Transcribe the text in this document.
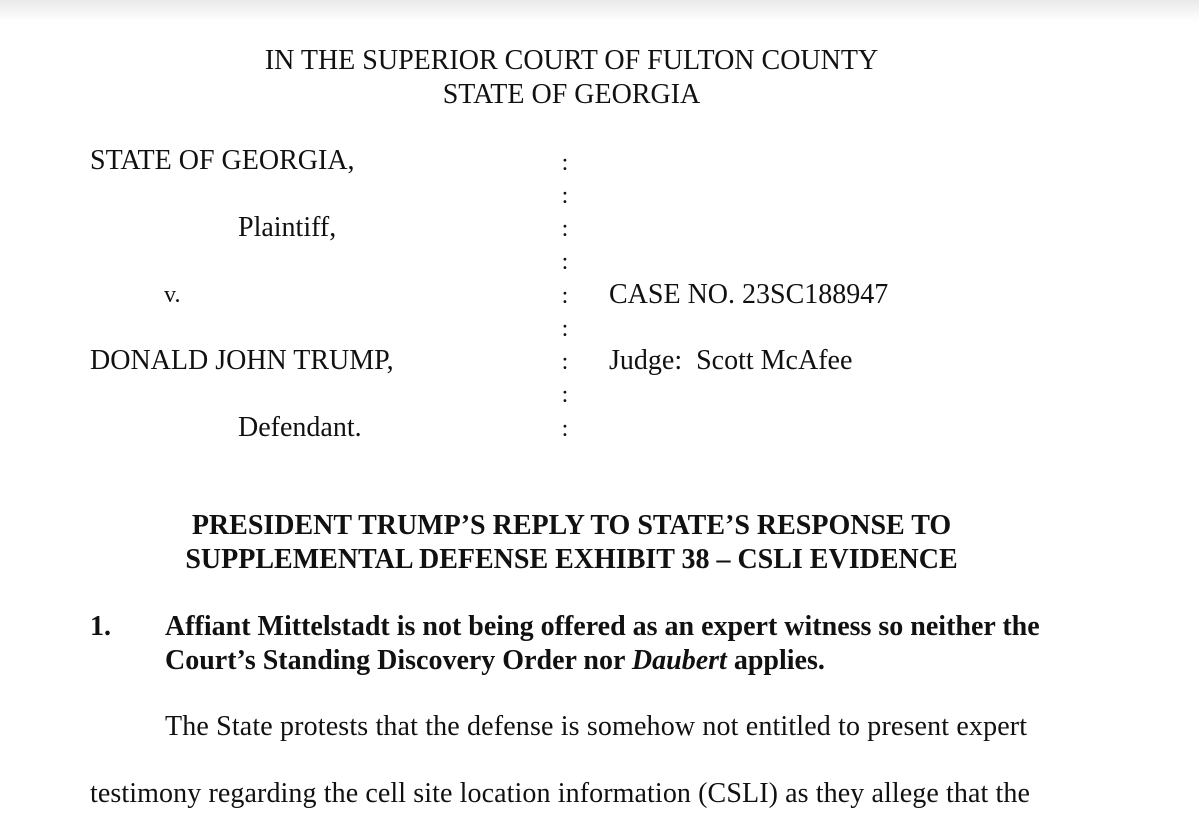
IN THE SUPERIOR COURT OF FULTON COUNTY
STATE OF GEORGIA
STATE OF GEORGIA,
Plaintiff,
v.
DONALD JOHN TRUMP,
Defendant.
:
:
:
:
:
:
:
:
:
CASE NO. 23SC188947
Judge:  Scott McAfee
PRESIDENT TRUMP’S REPLY TO STATE’S RESPONSE TO
SUPPLEMENTAL DEFENSE EXHIBIT 38 – CSLI EVIDENCE
1. Affiant Mittelstadt is not being offered as an expert witness so neither the
Court’s Standing Discovery Order nor Daubert applies.
The State protests that the defense is somehow not entitled to present expert
testimony regarding the cell site location information (CSLI) as they allege that the
